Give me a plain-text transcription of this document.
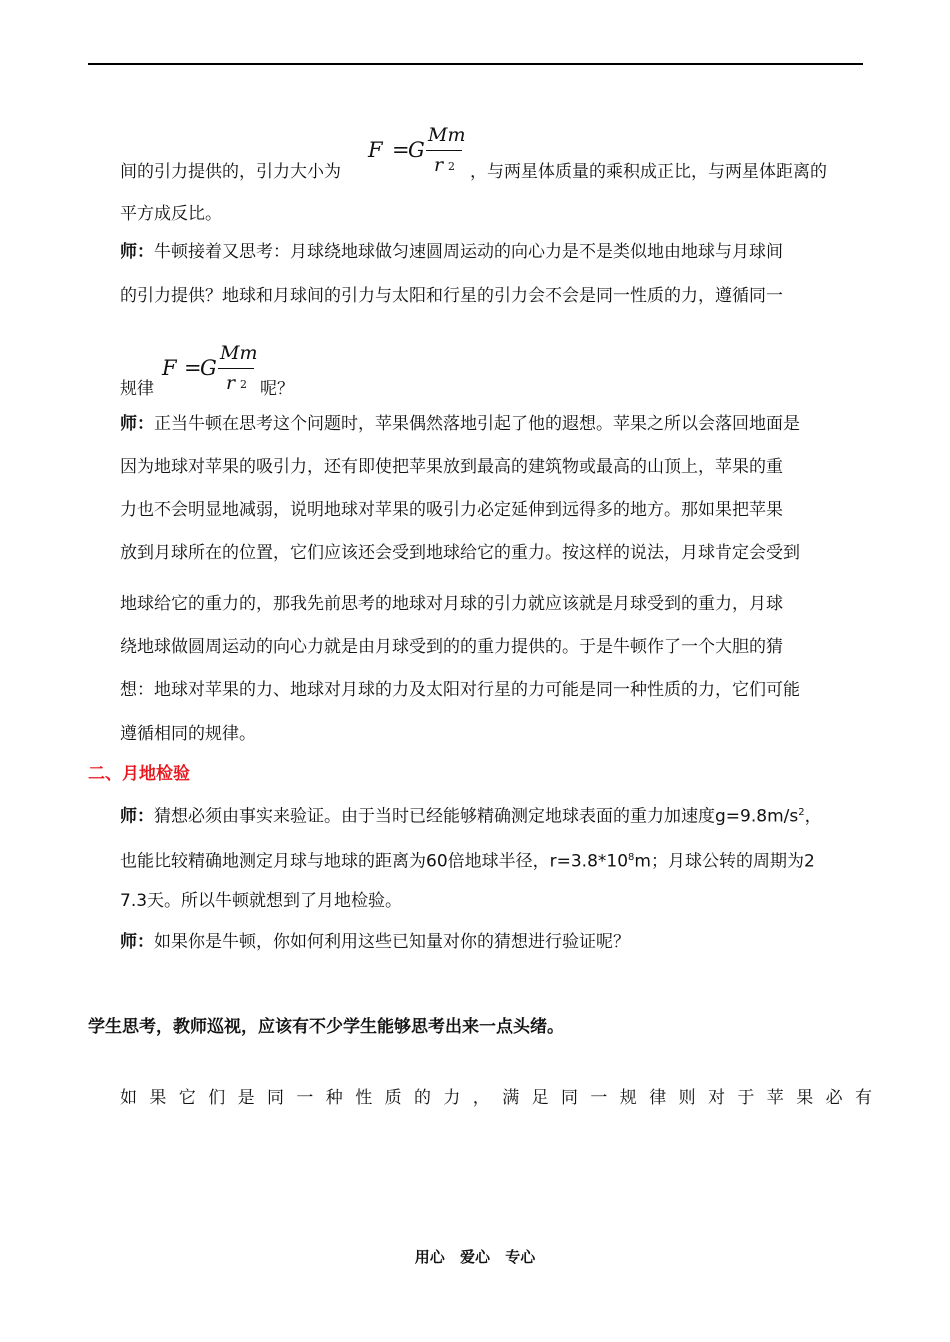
F =
G
Mm
r 2
间的引力提供的，引力大小为	，与两星体质量的乘积成正比，与两星体距离的
平方成反比。
师：牛顿接着又思考：月球绕地球做匀速圆周运动的向心力是不是类似地由地球与月球间
的引力提供？地球和月球间的引力与太阳和行星的引力会不会是同一性质的力，遵循同一
F =
G
Mm
r 2
规律	呢？
师：正当牛顿在思考这个问题时，苹果偶然落地引起了他的遐想。苹果之所以会落回地面是
因为地球对苹果的吸引力，还有即使把苹果放到最高的建筑物或最高的山顶上，苹果的重
力也不会明显地减弱，说明地球对苹果的吸引力必定延伸到远得多的地方。那如果把苹果
放到月球所在的位置，它们应该还会受到地球给它的重力。按这样的说法，月球肯定会受到
地球给它的重力的，那我先前思考的地球对月球的引力就应该就是月球受到的重力，月球
绕地球做圆周运动的向心力就是由月球受到的的重力提供的。于是牛顿作了一个大胆的猜
想：地球对苹果的力、地球对月球的力及太阳对行星的力可能是同一种性质的力，它们可能
遵循相同的规律。
二、月地检验
师：猜想必须由事实来验证。由于当时已经能够精确测定地球表面的重力加速度$g=9.8m/s^2$，
也能比较精确地测定月球与地球的距离为60倍地球半径，$r=3.8*10^8m$；月球公转的周期为2
7.3天。所以牛顿就想到了月地检验。
师：如果你是牛顿，你如何利用这些已知量对你的猜想进行验证呢？
学生思考，教师巡视，应该有不少学生能够思考出来一点头绪。
如果它们是同一种性质的力，满足同一规律则对于苹果必有
用心 爱心 专心
